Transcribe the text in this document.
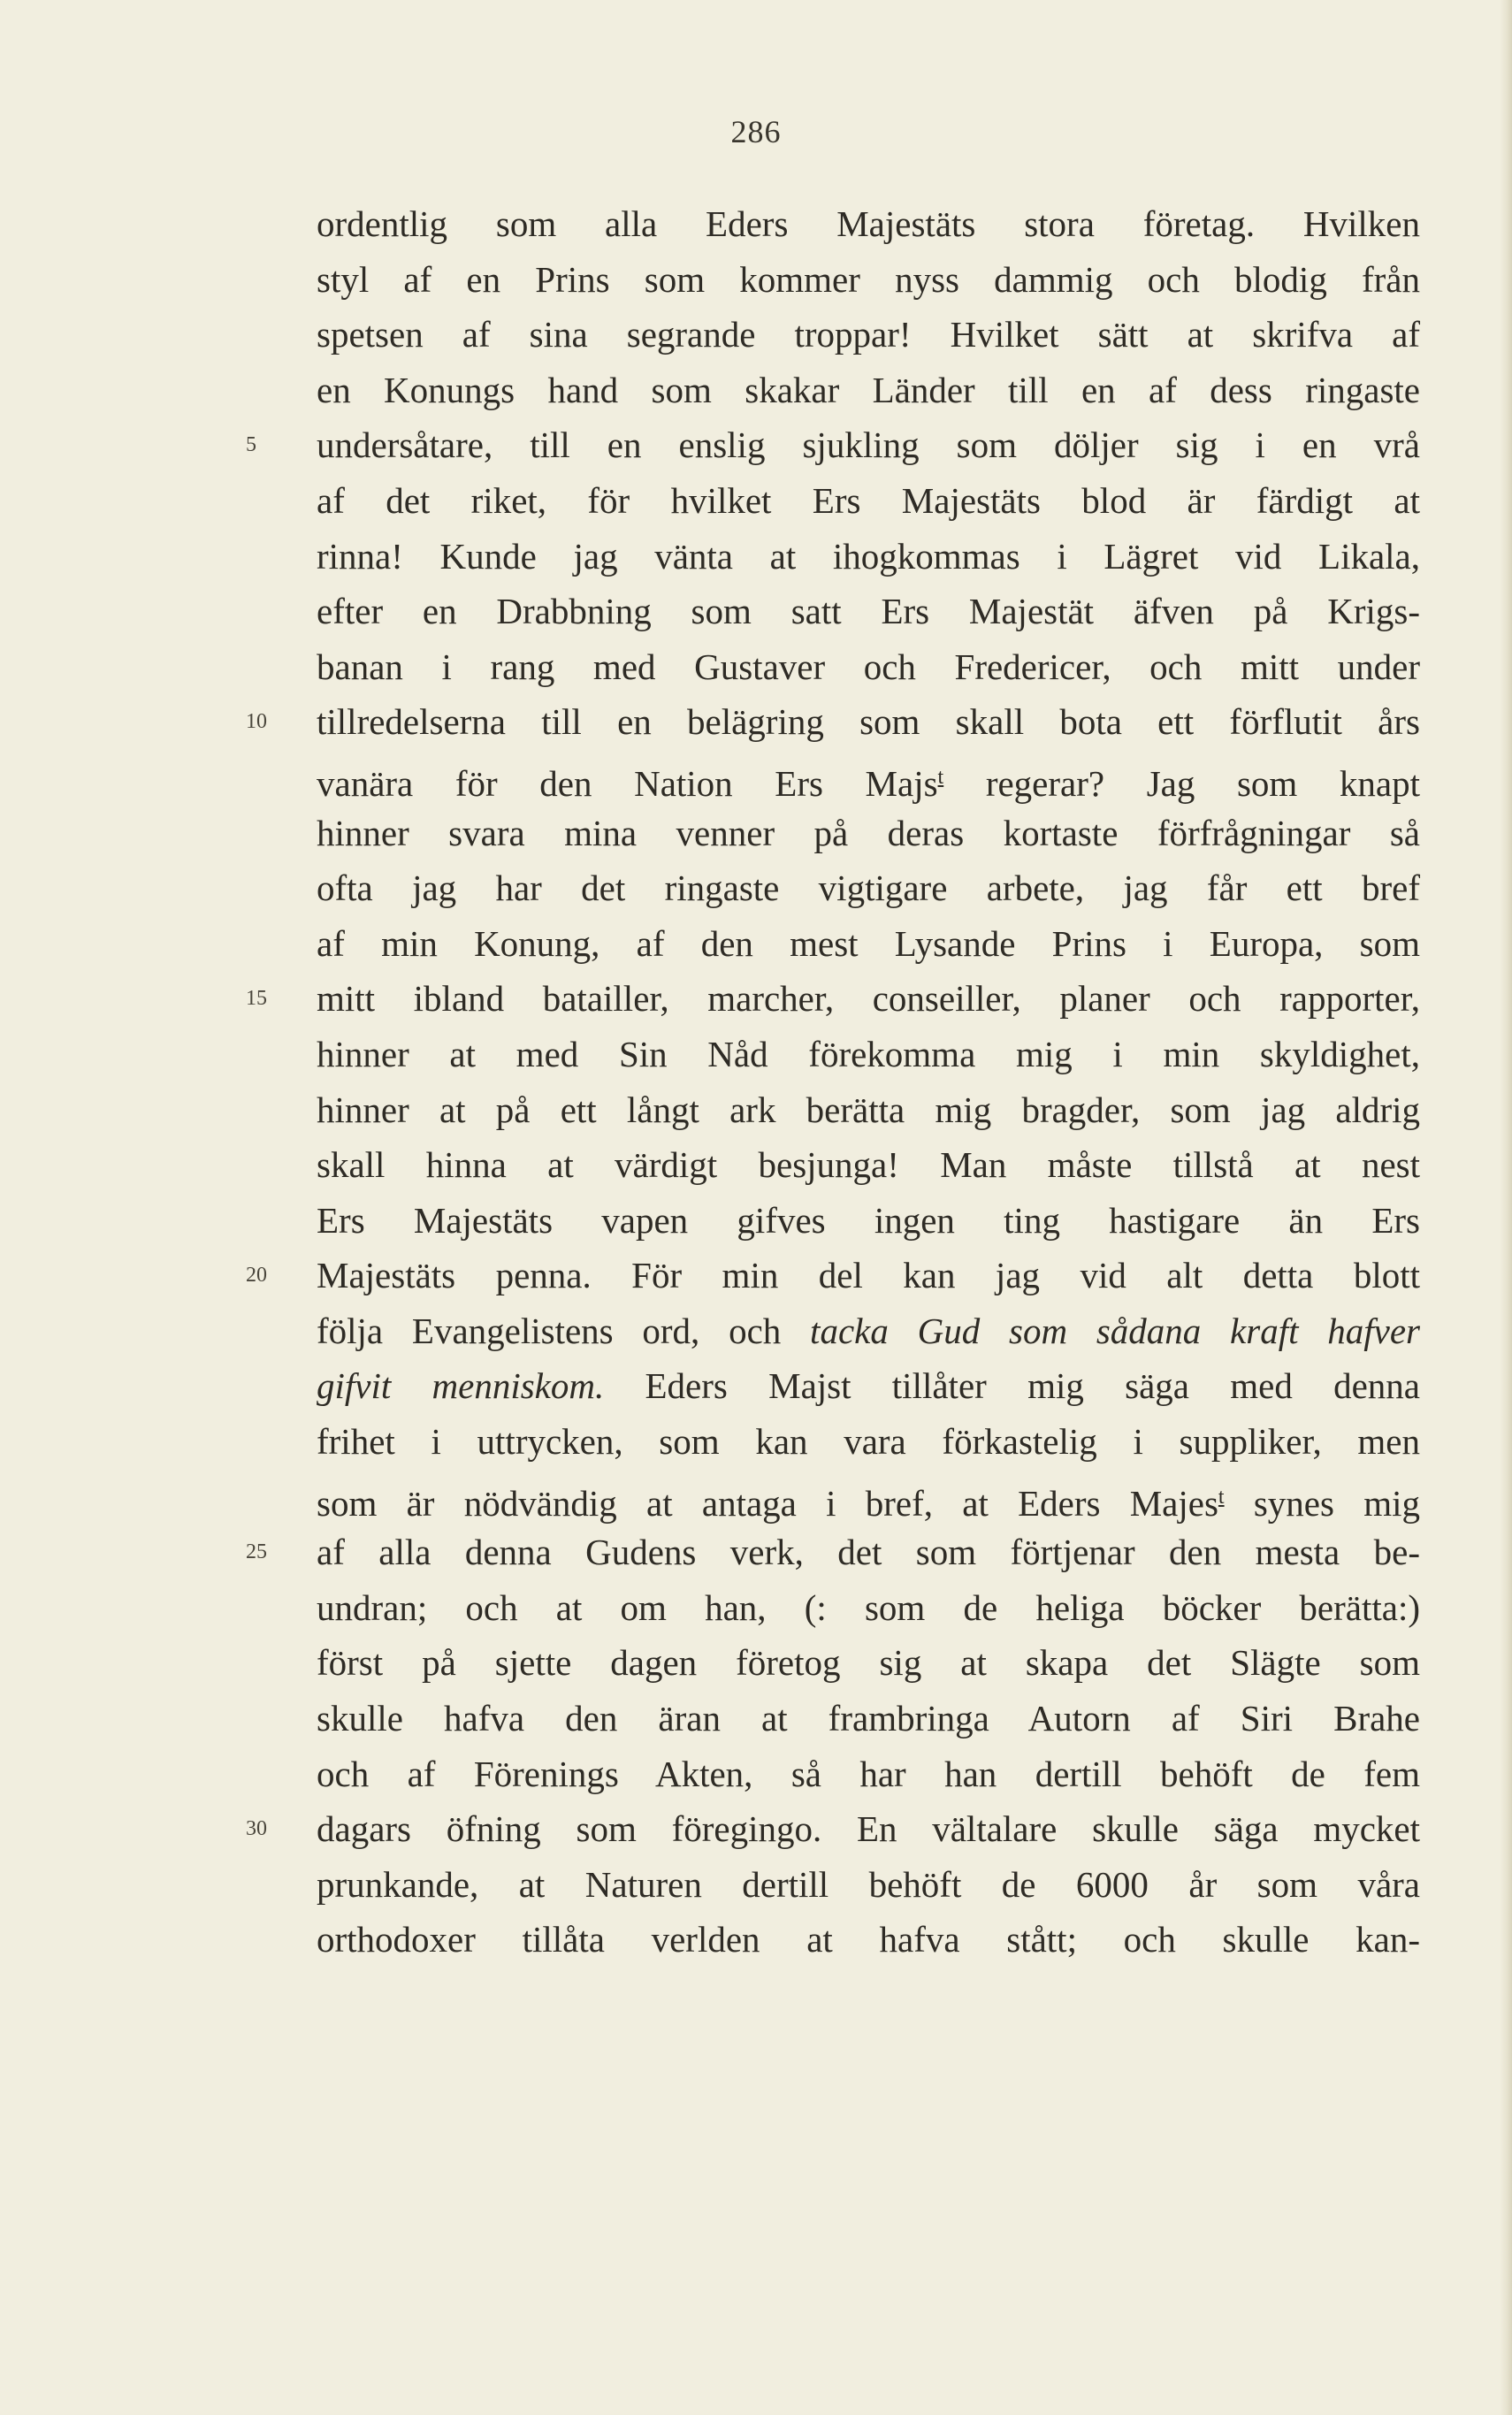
286
ordentlig som alla Eders Majestäts stora företag. Hvilken
styl af en Prins som kommer nyss dammig och blodig från
spetsen af sina segrande troppar! Hvilket sätt at skrifva af
en Konungs hand som skakar Länder till en af dess ringaste
5	undersåtare, till en enslig sjukling som döljer sig i en vrå
af det riket, för hvilket Ers Majestäts blod är färdigt at
rinna! Kunde jag vänta at ihogkommas i Lägret vid Likala,
efter en Drabbning som satt Ers Majestät äfven på Krigs-
banan i rang med Gustaver och Fredericer, och mitt under
10	tillredelserna till en belägring som skall bota ett förflutit års
vanära för den Nation Ers Majs$^t$ regerar? Jag som knapt
hinner svara mina venner på deras kortaste förfrågningar så
ofta jag har det ringaste vigtigare arbete, jag får ett bref
af min Konung, af den mest Lysande Prins i Europa, som
15	mitt ibland batailler, marcher, conseiller, planer och rapporter,
hinner at med Sin Nåd förekomma mig i min skyldighet,
hinner at på ett långt ark berätta mig bragder, som jag aldrig
skall hinna at värdigt besjunga! Man måste tillstå at nest
Ers Majestäts vapen gifves ingen ting hastigare än Ers
20	Majestäts penna. För min del kan jag vid alt detta blott
följa Evangelistens ord, och tacka Gud som sådana kraft hafver
gifvit menniskom. Eders Majst tillåter mig säga med denna
frihet i uttrycken, som kan vara förkastelig i suppliker, men
som är nödvändig at antaga i bref, at Eders Majes$^t$ synes mig
25	af alla denna Gudens verk, det som förtjenar den mesta be-
undran; och at om han, (: som de heliga böcker berätta:)
först på sjette dagen företog sig at skapa det Slägte som
skulle hafva den äran at frambringa Autorn af Siri Brahe
och af Förenings Akten, så har han dertill behöft de fem
30	dagars öfning som föregingo. En vältalare skulle säga mycket
prunkande, at Naturen dertill behöft de 6000 år som våra
orthodoxer tillåta verlden at hafva stått; och skulle kan-
